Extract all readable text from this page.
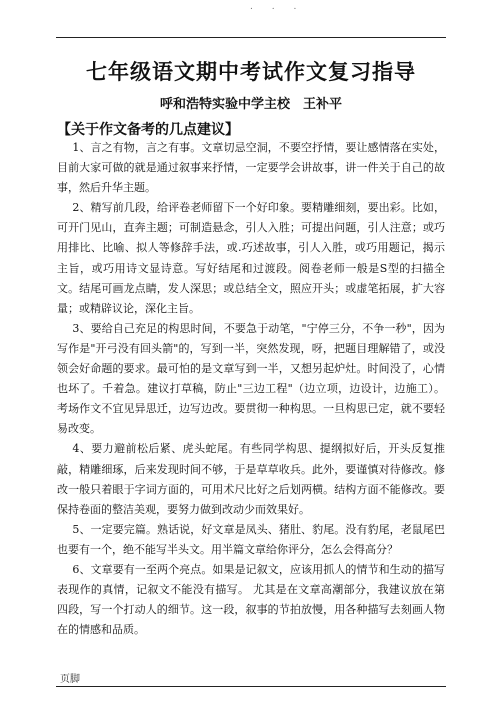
. . .
七年级语文期中考试作文复习指导
呼和浩特实验中学主校　王补平
【关于作文备考的几点建议】

1、言之有物，言之有事。文章切忌空洞，不要空抒情，要让感情落在实处，目前大家可做的就是通过叙事来抒情，一定要学会讲故事，讲一件关于自己的故事，然后升华主题。

2、精写前几段，给评卷老师留下一个好印象。要精雕细刻，要出彩。比如，可开门见山，直奔主题；可制造悬念，引人入胜；可提出问题，引人注意；或巧用排比、比喻、拟人等修辞手法，或.巧述故事，引人入胜，或巧用题记，揭示主旨，或巧用诗文显诗意。写好结尾和过渡段。阅卷老师一般是S型的扫描全文。结尾可画龙点睛，发人深思；或总结全文，照应开头；或虚笔拓展，扩大容量；或精辟议论，深化主旨。

3、要给自己充足的构思时间，不要急于动笔，"宁停三分，不争一秒"，因为写作是"开弓没有回头箭"的，写到一半，突然发现，呀，把题目理解错了，或没领会好命题的要求。最可怕的是文章写到一半，又想另起炉灶。时间没了，心情也坏了。千着急。建议打草稿，防止"三边工程"（边立项，边设计，边施工）。考场作文不宜见异思迁，边写边改。要贯彻一种构思。一旦构思已定，就不要轻易改变。

4、要力避前松后紧、虎头蛇尾。有些同学构思、提纲拟好后，开头反复推敲，精雕细琢，后来发现时间不够，于是草草收兵。此外，要谨慎对待修改。修改一般只着眼于字词方面的，可用术尺比好之后划两横。结构方面不能修改。要保持卷面的整洁美观，要努力做到改动少而效果好。

5、一定要完篇。熟话说，好文章是凤头、猪肚、豹尾。没有豹尾，老鼠尾巴也要有一个，绝不能写半头文。用半篇文章给你评分，怎么会得高分？

6、文章要有一至两个亮点。如果是记叙文，应该用抓人的情节和生动的描写表现作的真情，记叙文不能没有描写。 尤其是在文章高潮部分，我建议放在第四段，写一个打动人的细节。这一段，叙事的节拍放慢，用各种描写去刻画人物在的情感和品质。

页脚
